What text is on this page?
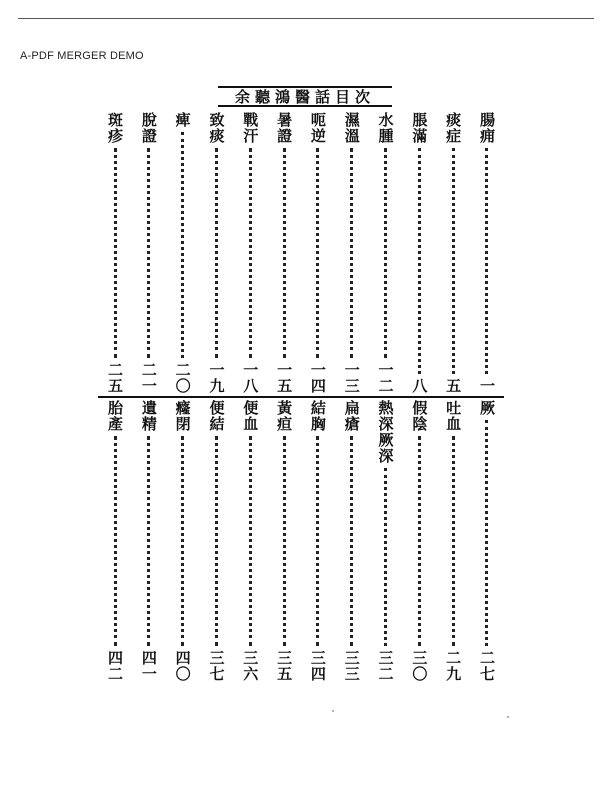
A-PDF MERGER DEMO
余聽鴻醫話目次
腸痈
一
痰症
五
脹滿
八
水腫
一二
濕溫
一三
呃逆
一四
暑證
一五
戰汗
一八
致痰
一九
痺
二〇
脫證
二一
斑疹
二五
厥
二七
吐血
二九
假陰
三〇
熱深厥深
三二
扁瘡
三三
結胸
三四
黃疸
三五
便血
三六
便結
三七
癃閉
四〇
遺精
四一
胎產
四二
